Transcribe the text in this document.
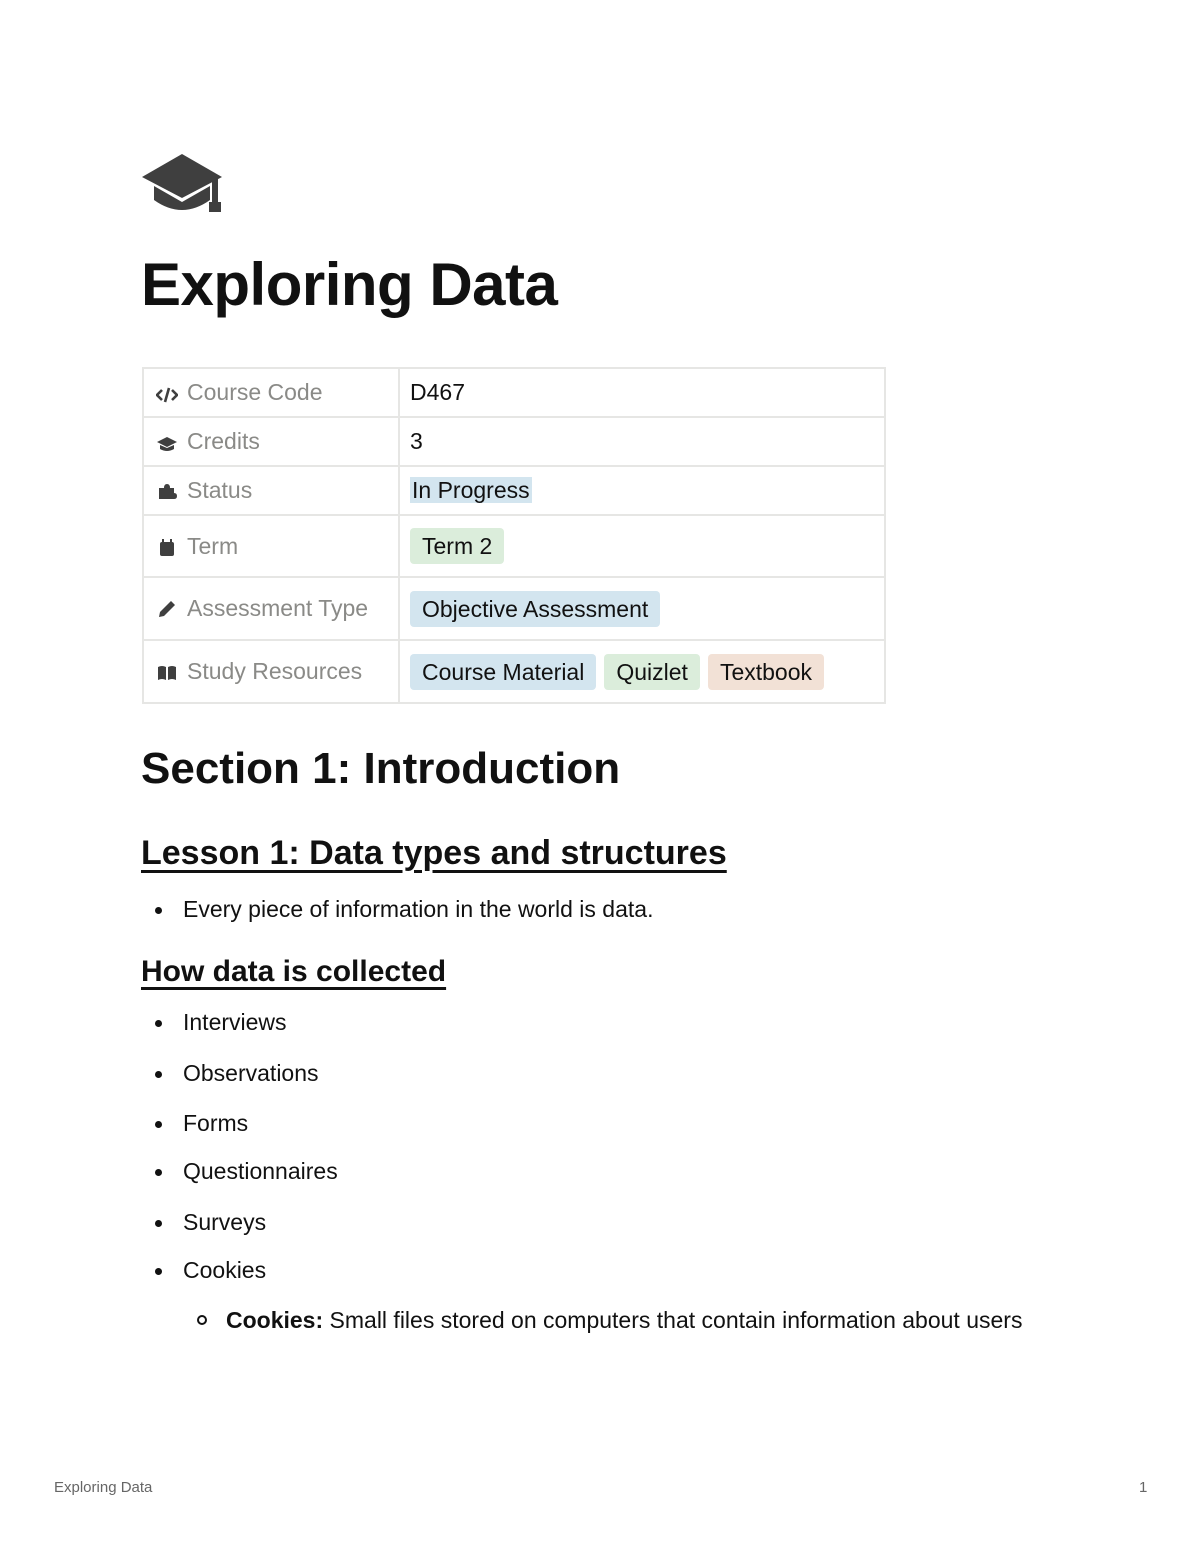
Exploring Data
Course Code	D467

Credits	3

Status	In Progress

Term	Term 2

Assessment Type	Objective Assessment

Study Resources	Course Material Quizlet Textbook
Section 1: Introduction
Lesson 1: Data types and structures
Every piece of information in the world is data.
How data is collected
Interviews
Observations
Forms
Questionnaires
Surveys
Cookies
Cookies: Small files stored on computers that contain information about users
Exploring Data	1
